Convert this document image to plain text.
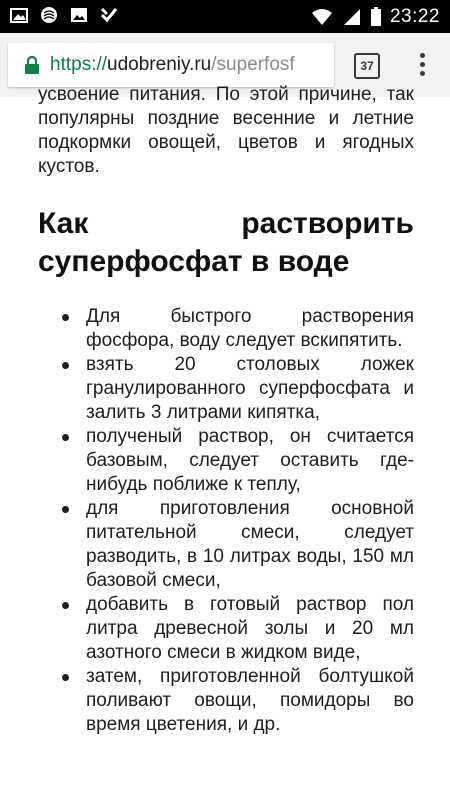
23:22
https://udobreniy.ru/superfosf	37

усвоение питания. По этой причине, так популярны поздние весенние и летние подкормки овощей, цветов и ягодных кустов.

Как растворить суперфосфат в воде
Для быстрого растворения фосфора, воду следует вскипятить.
взять 20 столовых ложек гранулированного суперфосфата и залить 3 литрами кипятка,
полученый раствор, он считается базовым, следует оставить где-нибудь поближе к теплу,
для приготовления основной питательной смеси, следует разводить, в 10 литрах воды, 150 мл базовой смеси,
добавить в готовый раствор пол литра древесной золы и 20 мл азотного смеси в жидком виде,
затем, приготовленной болтушкой поливают овощи, помидоры во время цветения, и др.
